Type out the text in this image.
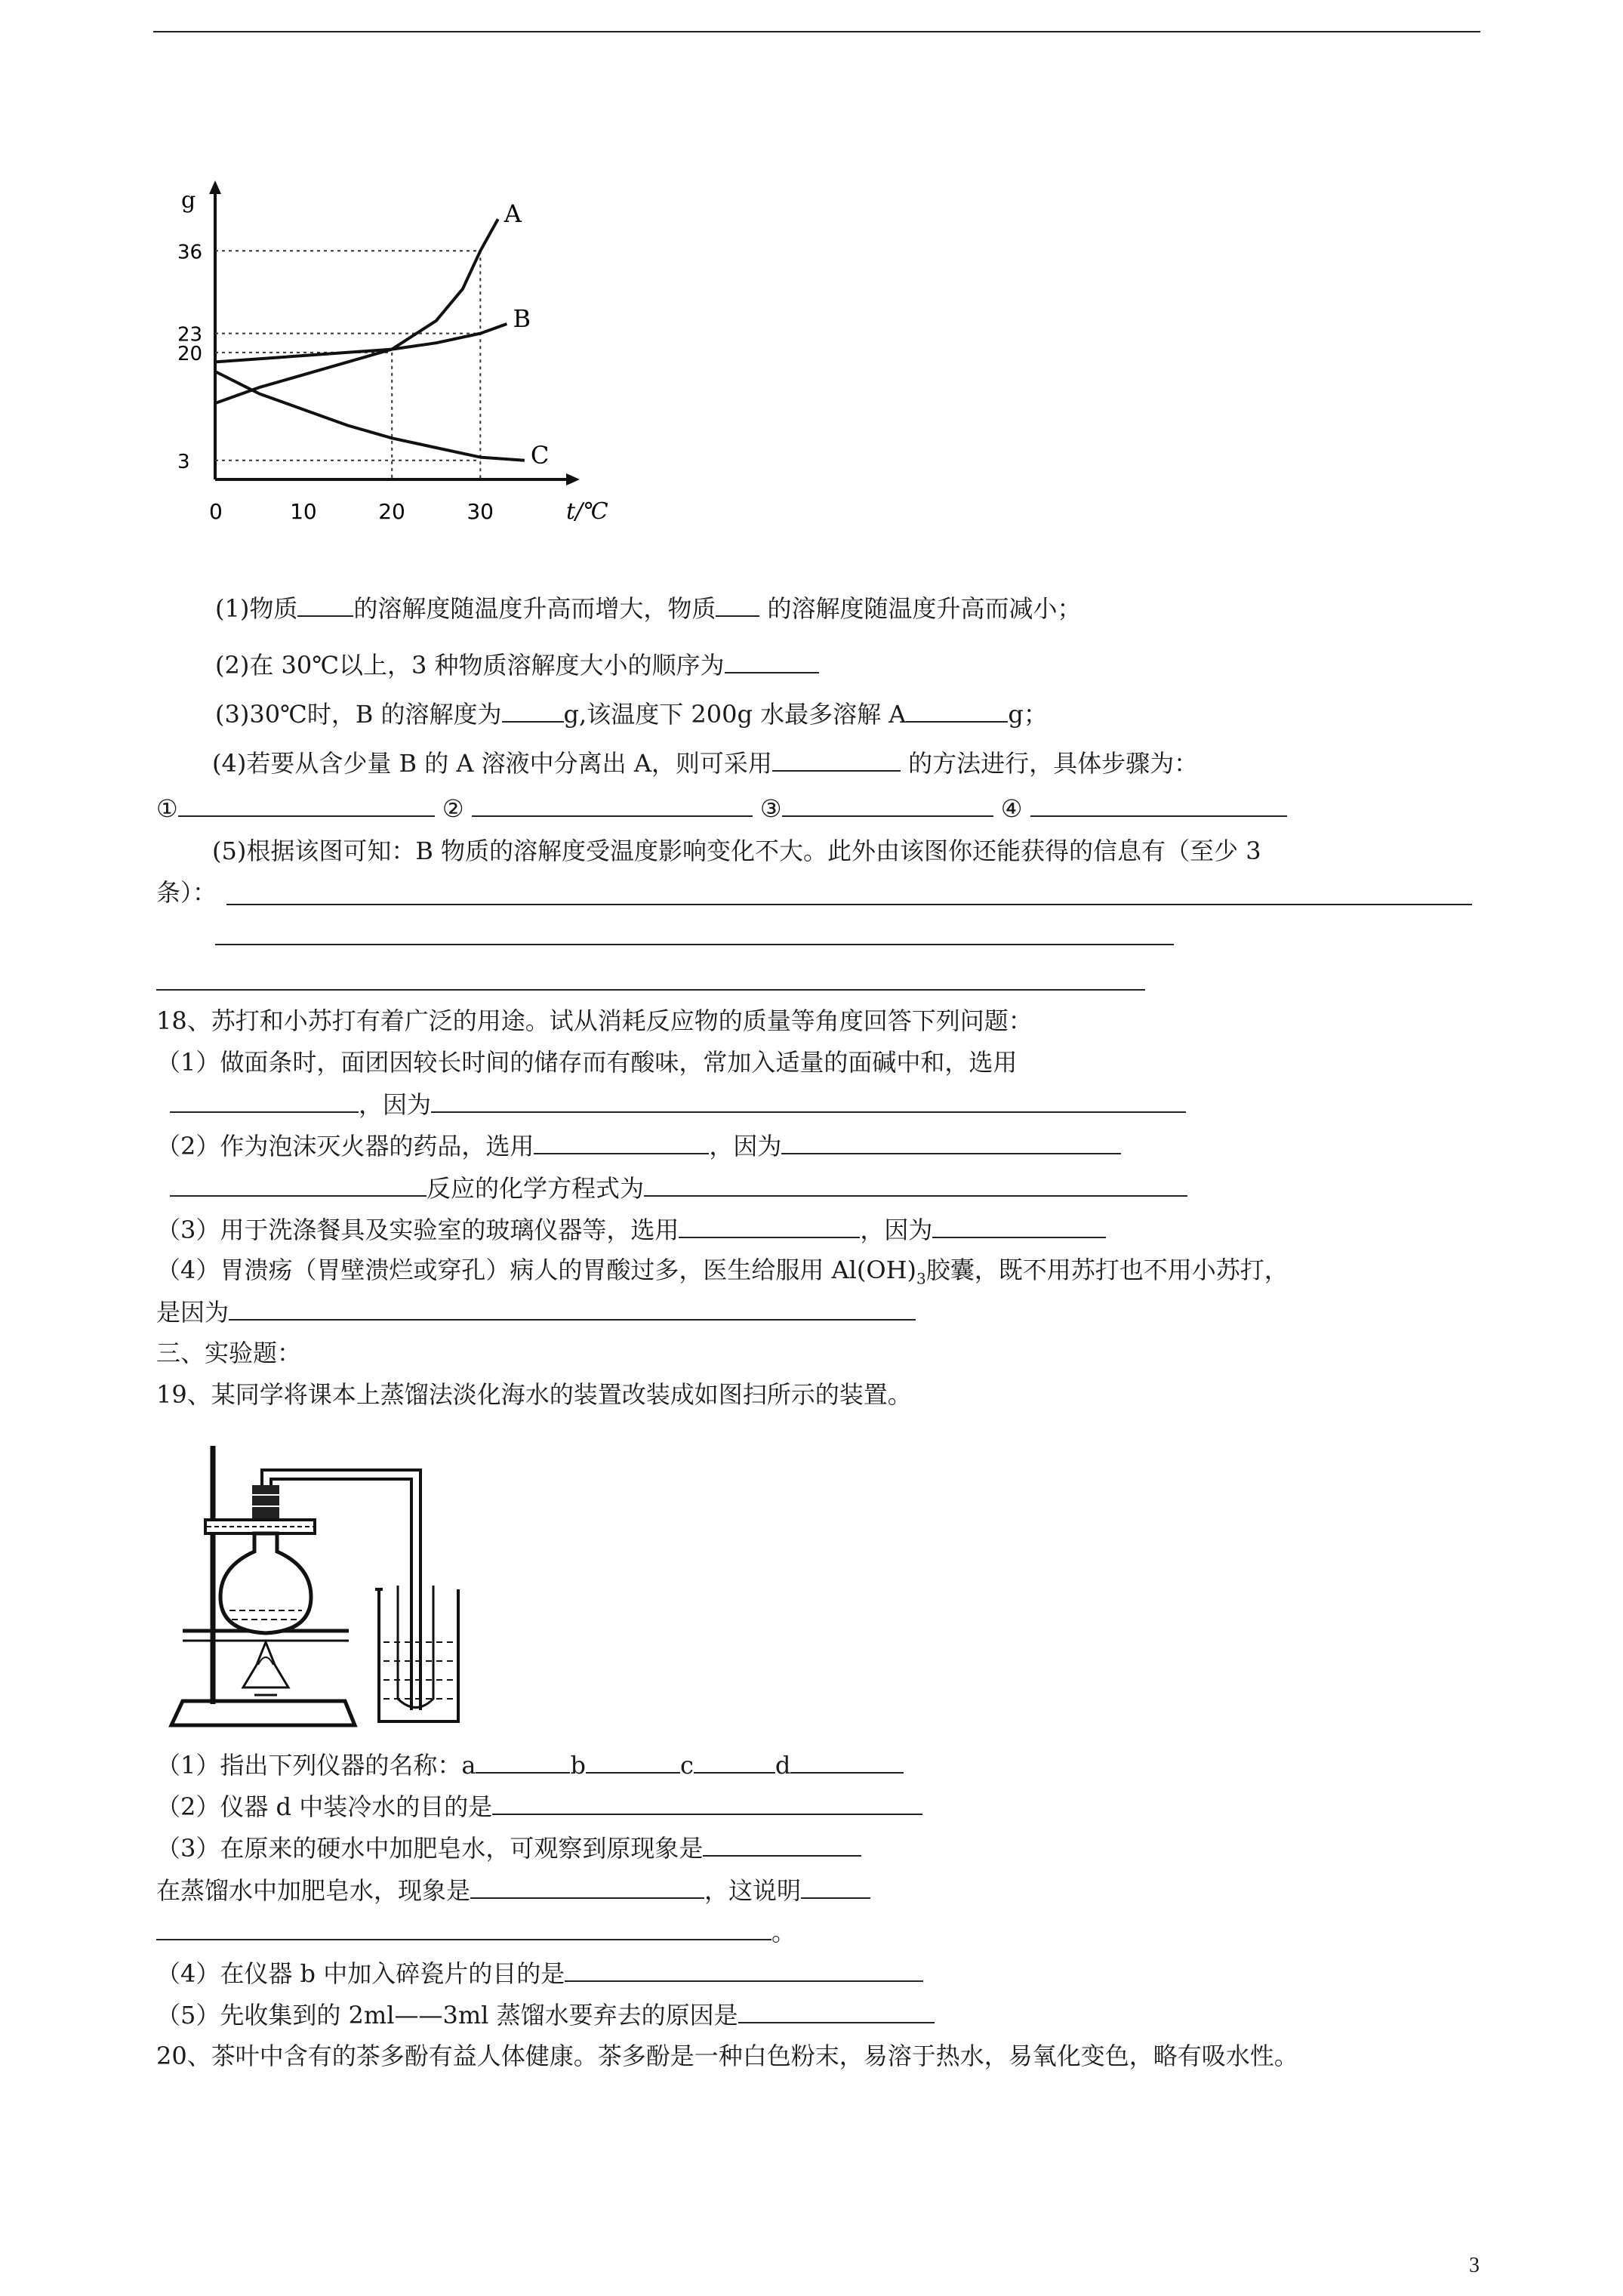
g
t/℃
0	10	20	30
3
20
23
36
A
B
C
(1)物质 的溶解度随温度升高而增大，物质 的溶解度随温度升高而减小；
(2)在 30℃以上，3 种物质溶解度大小的顺序为
(3)30℃时，B 的溶解度为	g,该温度下 200g 水最多溶解 A	g；
(4)若要从含少量 B 的 A 溶液中分离出 A，则可采用	的方法进行，具体步骤为：
①	②	③	④
(5)根据该图可知：B 物质的溶解度受温度影响变化不大。此外由该图你还能获得的信息有（至少 3
条）：
18、苏打和小苏打有着广泛的用途。试从消耗反应物的质量等角度回答下列问题：
（1）做面条时，面团因较长时间的储存而有酸味，常加入适量的面碱中和，选用
，因为
（2）作为泡沫灭火器的药品，选用	，因为
反应的化学方程式为
（3）用于洗涤餐具及实验室的玻璃仪器等，选用	，因为
（4）胃溃疡（胃壁溃烂或穿孔）病人的胃酸过多，医生给服用 $Al(OH)_3$胶囊，既不用苏打也不用小苏打，
是因为
三、实验题：
19、某同学将课本上蒸馏法淡化海水的装置改装成如图扫所示的装置。
（1）指出下列仪器的名称：a	b	c	d
（2）仪器 d 中装冷水的目的是
（3）在原来的硬水中加肥皂水，可观察到原现象是
在蒸馏水中加肥皂水，现象是	，这说明
。
（4）在仪器 b 中加入碎瓷片的目的是
（5）先收集到的 2ml——3ml 蒸馏水要弃去的原因是
20、茶叶中含有的茶多酚有益人体健康。茶多酚是一种白色粉末，易溶于热水，易氧化变色，略有吸水性。
3
